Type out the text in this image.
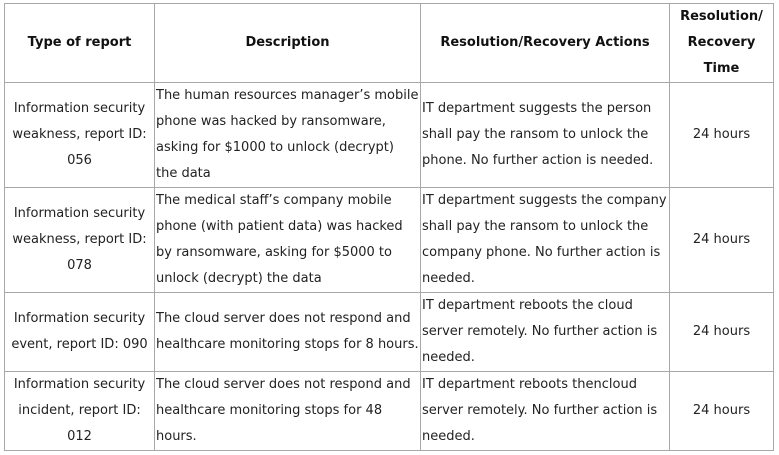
Type of report	Description	Resolution/Recovery Actions	Resolution/ Recovery Time
Information security weakness, report ID: 056	The human resources manager’s mobile phone was hacked by ransomware, asking for $1000 to unlock (decrypt) the data	IT department suggests the person shall pay the ransom to unlock the phone. No further action is needed.	24 hours
Information security weakness, report ID: 078	The medical staff’s company mobile phone (with patient data) was hacked by ransomware, asking for $5000 to unlock (decrypt) the data	IT department suggests the company shall pay the ransom to unlock the company phone. No further action is needed.	24 hours
Information security event, report ID: 090	The cloud server does not respond and healthcare monitoring stops for 8 hours.	IT department reboots the cloud server remotely. No further action is needed.	24 hours
Information security incident, report ID: 012	The cloud server does not respond and healthcare monitoring stops for 48 hours.	IT department reboots thencloud server remotely. No further action is needed.	24 hours
